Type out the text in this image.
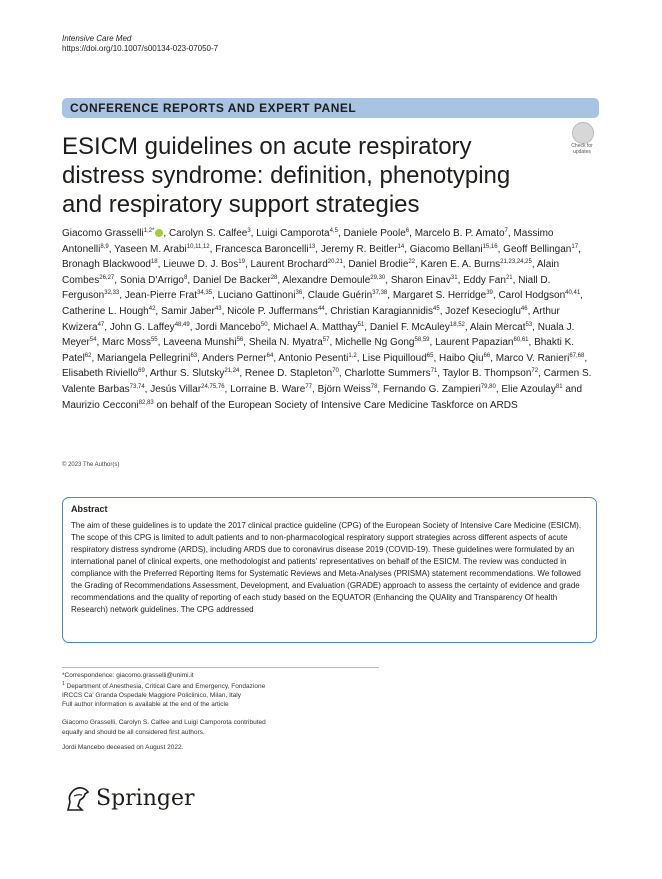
Intensive Care Med
https://doi.org/10.1007/s00134-023-07050-7
CONFERENCE REPORTS AND EXPERT PANEL
ESICM guidelines on acute respiratory
distress syndrome: definition, phenotyping
and respiratory support strategies
Check for updates
Giacomo Grasselli$^{1,2*}$ , Carolyn S. Calfee$^3$, Luigi Camporota$^{4,5}$, Daniele Poole$^6$, Marcelo B. P. Amato$^7$, Massimo Antonelli$^{8,9}$, Yaseen M. Arabi$^{10,11,12}$, Francesca Baroncelli$^{13}$, Jeremy R. Beitler$^{14}$, Giacomo Bellani$^{15,16}$, Geoff Bellingan$^{17}$, Bronagh Blackwood$^{18}$, Lieuwe D. J. Bos$^{19}$, Laurent Brochard$^{20,21}$, Daniel Brodie$^{22}$, Karen E. A. Burns$^{21,23,24,25}$, Alain Combes$^{26,27}$, Sonia D'Arrigo$^8$, Daniel De Backer$^{28}$, Alexandre Demoule$^{29,30}$, Sharon Einav$^{31}$, Eddy Fan$^{21}$, Niall D. Ferguson$^{32,33}$, Jean-Pierre Frat$^{34,35}$, Luciano Gattinoni$^{36}$, Claude Guérin$^{37,38}$, Margaret S. Herridge$^{39}$, Carol Hodgson$^{40,41}$, Catherine L. Hough$^{42}$, Samir Jaber$^{43}$, Nicole P. Juffermans$^{44}$, Christian Karagiannidis$^{45}$, Jozef Kesecioglu$^{46}$, Arthur Kwizera$^{47}$, John G. Laffey$^{48,49}$, Jordi Mancebo$^{50}$, Michael A. Matthay$^{51}$, Daniel F. McAuley$^{18,52}$, Alain Mercat$^{53}$, Nuala J. Meyer$^{54}$, Marc Moss$^{55}$, Laveena Munshi$^{56}$, Sheila N. Myatra$^{57}$, Michelle Ng Gong$^{58,59}$, Laurent Papazian$^{60,61}$, Bhakti K. Patel$^{62}$, Mariangela Pellegrini$^{63}$, Anders Perner$^{64}$, Antonio Pesenti$^{1,2}$, Lise Piquilloud$^{65}$, Haibo Qiu$^{66}$, Marco V. Ranieri$^{67,68}$, Elisabeth Riviello$^{69}$, Arthur S. Slutsky$^{21,24}$, Renee D. Stapleton$^{70}$, Charlotte Summers$^{71}$, Taylor B. Thompson$^{72}$, Carmen S. Valente Barbas$^{73,74}$, Jesús Villar$^{24,75,76}$, Lorraine B. Ware$^{77}$, Björn Weiss$^{78}$, Fernando G. Zampieri$^{79,80}$, Elie Azoulay$^{81}$ and Maurizio Cecconi$^{82,83}$ on behalf of the European Society of Intensive Care Medicine Taskforce on ARDS
© 2023 The Author(s)
Abstract

The aim of these guidelines is to update the 2017 clinical practice guideline (CPG) of the European Society of Intensive Care Medicine (ESICM). The scope of this CPG is limited to adult patients and to non-pharmacological respiratory support strategies across different aspects of acute respiratory distress syndrome (ARDS), including ARDS due to coronavirus disease 2019 (COVID-19). These guidelines were formulated by an international panel of clinical experts, one methodologist and patients' representatives on behalf of the ESICM. The review was conducted in compliance with the Preferred Reporting Items for Systematic Reviews and Meta-Analyses (PRISMA) statement recommendations. We followed the Grading of Recommendations Assessment, Development, and Evaluation (GRADE) approach to assess the certainty of evidence and grade recommendations and the quality of reporting of each study based on the EQUATOR (Enhancing the QUAlity and Transparency Of health Research) network guidelines. The CPG addressed

*Correspondence: giacomo.grasselli@unimi.it
$^1$ Department of Anesthesia, Critical Care and Emergency, Fondazione
IRCCS Ca' Granda Ospedale Maggiore Policlinico, Milan, Italy
Full author information is available at the end of the article
Giacomo Grasselli, Carolyn S. Calfee and Luigi Camporota contributed
equally and should be all considered first authors.
Jordi Mancebo deceased on August 2022.
Springer
